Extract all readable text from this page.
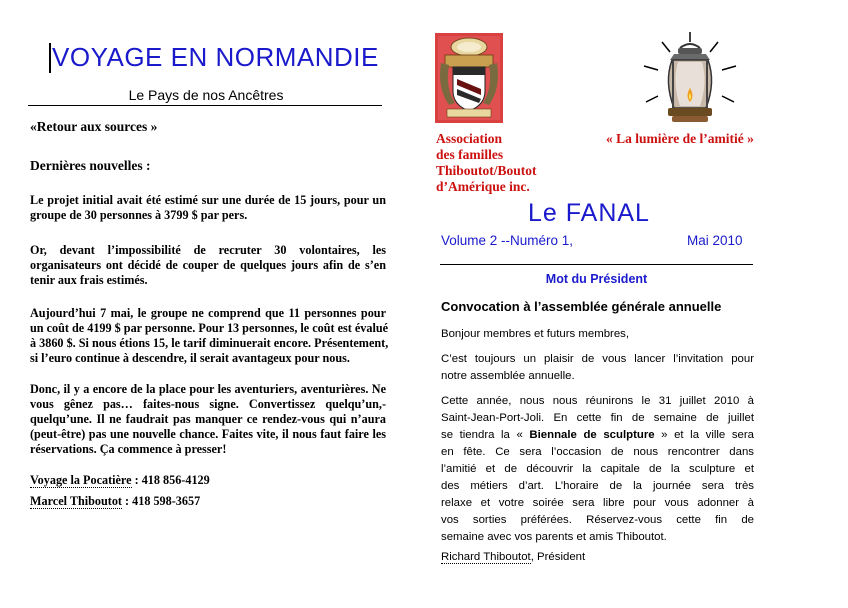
VOYAGE EN NORMANDIE
Le Pays de nos Ancêtres
«Retour aux sources »
Dernières nouvelles :
Le projet initial avait été estimé sur une durée de 15 jours, pour un
groupe de 30 personnes à 3799 $ par pers.
Or, devant l’impossibilité de recruter 30 volontaires, les
organisateurs ont décidé de couper de quelques jours afin de s’en
tenir aux frais estimés.
Aujourd’hui 7 mai, le groupe ne comprend que 11 personnes pour
un coût de 4199 $ par personne. Pour 13 personnes, le coût est évalué
à 3860 $. Si nous étions 15, le tarif diminuerait encore. Présentement,
si l’euro continue à descendre, il serait avantageux pour nous.
Donc, il y a encore de la place pour les aventuriers, aventurières. Ne
vous gênez pas… faites-nous signe. Convertissez quelqu’un,-
quelqu’une. Il ne faudrait pas manquer ce rendez-vous qui n’aura
(peut-être) pas une nouvelle chance. Faites vite, il nous faut faire les
réservations. Ça commence à presser!
Voyage la Pocatière : 418 856-4129
Marcel Thiboutot : 418 598-3657
Association
des familles
Thiboutot/Boutot
d’Amérique inc.
« La lumière de l’amitié »
Le FANAL
Volume 2 --Numéro 1,	Mai 2010
Mot du Président
Convocation à l’assemblée générale annuelle
Bonjour membres et futurs membres,
C’est toujours un plaisir de vous lancer l’invitation pour
notre assemblée annuelle.
Cette année, nous nous réunirons le 31 juillet 2010 à
Saint-Jean-Port-Joli. En cette fin de semaine de juillet
se tiendra la « Biennale de sculpture » et la ville sera
en fête. Ce sera l’occasion de nous rencontrer dans
l’amitié et de découvrir la capitale de la sculpture et
des métiers d’art. L’horaire de la journée sera très
relaxe et votre soirée sera libre pour vous adonner à
vos sorties préférées. Réservez-vous cette fin de
semaine avec vos parents et amis Thiboutot.
Richard Thiboutot, Président
